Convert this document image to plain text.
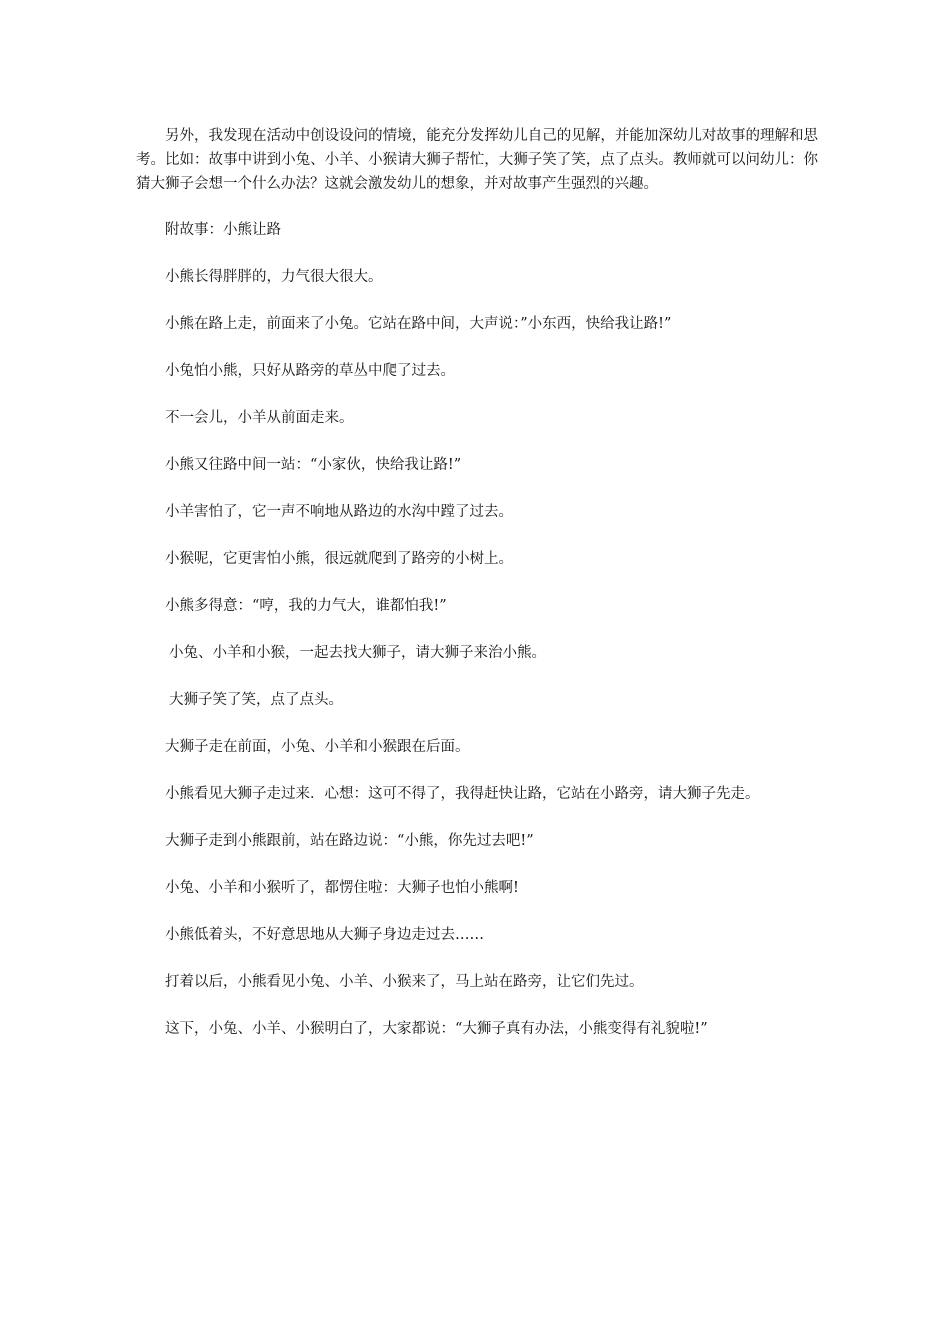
另外，我发现在活动中创设设问的情境，能充分发挥幼儿自己的见解，并能加深幼儿对故事的理解和思考。比如：故事中讲到小兔、小羊、小猴请大狮子帮忙，大狮子笑了笑，点了点头。教师就可以问幼儿：你猜大狮子会想一个什么办法？这就会激发幼儿的想象，并对故事产生强烈的兴趣。

附故事：小熊让路

小熊长得胖胖的，力气很大很大。

小熊在路上走，前面来了小兔。它站在路中间，大声说：”小东西，快给我让路!”

小兔怕小熊，只好从路旁的草丛中爬了过去。

不一会儿，小羊从前面走来。

小熊又往路中间一站：“小家伙，快给我让路!”

小羊害怕了，它一声不响地从路边的水沟中蹚了过去。

小猴呢，它更害怕小熊，很远就爬到了路旁的小树上。

小熊多得意：“哼，我的力气大，谁都怕我!”

小兔、小羊和小猴，一起去找大狮子，请大狮子来治小熊。

大狮子笑了笑，点了点头。

大狮子走在前面，小兔、小羊和小猴跟在后面。

小熊看见大狮子走过来．心想：这可不得了，我得赶快让路，它站在小路旁，请大狮子先走。

大狮子走到小熊跟前，站在路边说：“小熊，你先过去吧!”

小兔、小羊和小猴听了，都愣住啦：大狮子也怕小熊啊!

小熊低着头，不好意思地从大狮子身边走过去……

打着以后，小熊看见小兔、小羊、小猴来了，马上站在路旁，让它们先过。

这下，小兔、小羊、小猴明白了，大家都说：“大狮子真有办法，小熊变得有礼貌啦!”
